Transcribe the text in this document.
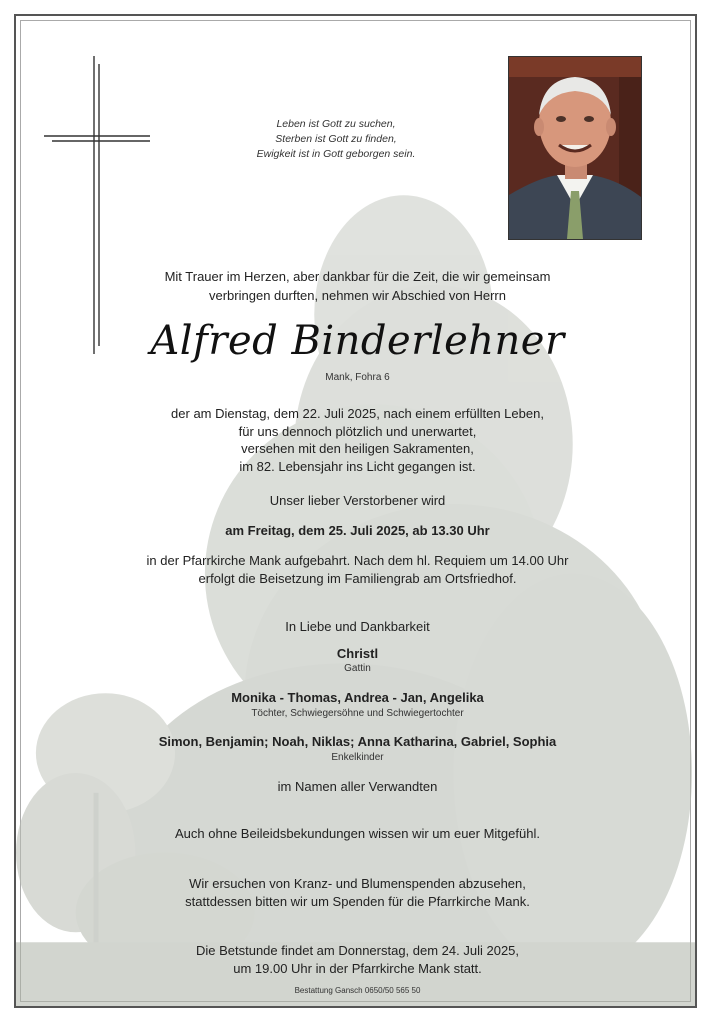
Leben ist Gott zu suchen,
Sterben ist Gott zu finden,
Ewigkeit ist in Gott geborgen sein.
Mit Trauer im Herzen, aber dankbar für die Zeit, die wir gemeinsam
verbringen durften, nehmen wir Abschied von Herrn
Alfred Binderlehner
Mank, Fohra 6
der am Dienstag, dem 22. Juli 2025, nach einem erfüllten Leben,
für uns dennoch plötzlich und unerwartet,
versehen mit den heiligen Sakramenten,
im 82. Lebensjahr ins Licht gegangen ist.
Unser lieber Verstorbener wird
am Freitag, dem 25. Juli 2025, ab 13.30 Uhr
in der Pfarrkirche Mank aufgebahrt. Nach dem hl. Requiem um 14.00 Uhr
erfolgt die Beisetzung im Familiengrab am Ortsfriedhof.
In Liebe und Dankbarkeit
Christl
Gattin
Monika - Thomas, Andrea - Jan, Angelika
Töchter, Schwiegersöhne und Schwiegertochter
Simon, Benjamin; Noah, Niklas; Anna Katharina, Gabriel, Sophia
Enkelkinder
im Namen aller Verwandten
Auch ohne Beileidsbekundungen wissen wir um euer Mitgefühl.
Wir ersuchen von Kranz- und Blumenspenden abzusehen,
stattdessen bitten wir um Spenden für die Pfarrkirche Mank.
Die Betstunde findet am Donnerstag, dem 24. Juli 2025,
um 19.00 Uhr in der Pfarrkirche Mank statt.
Bestattung Gansch 0650/50 565 50
